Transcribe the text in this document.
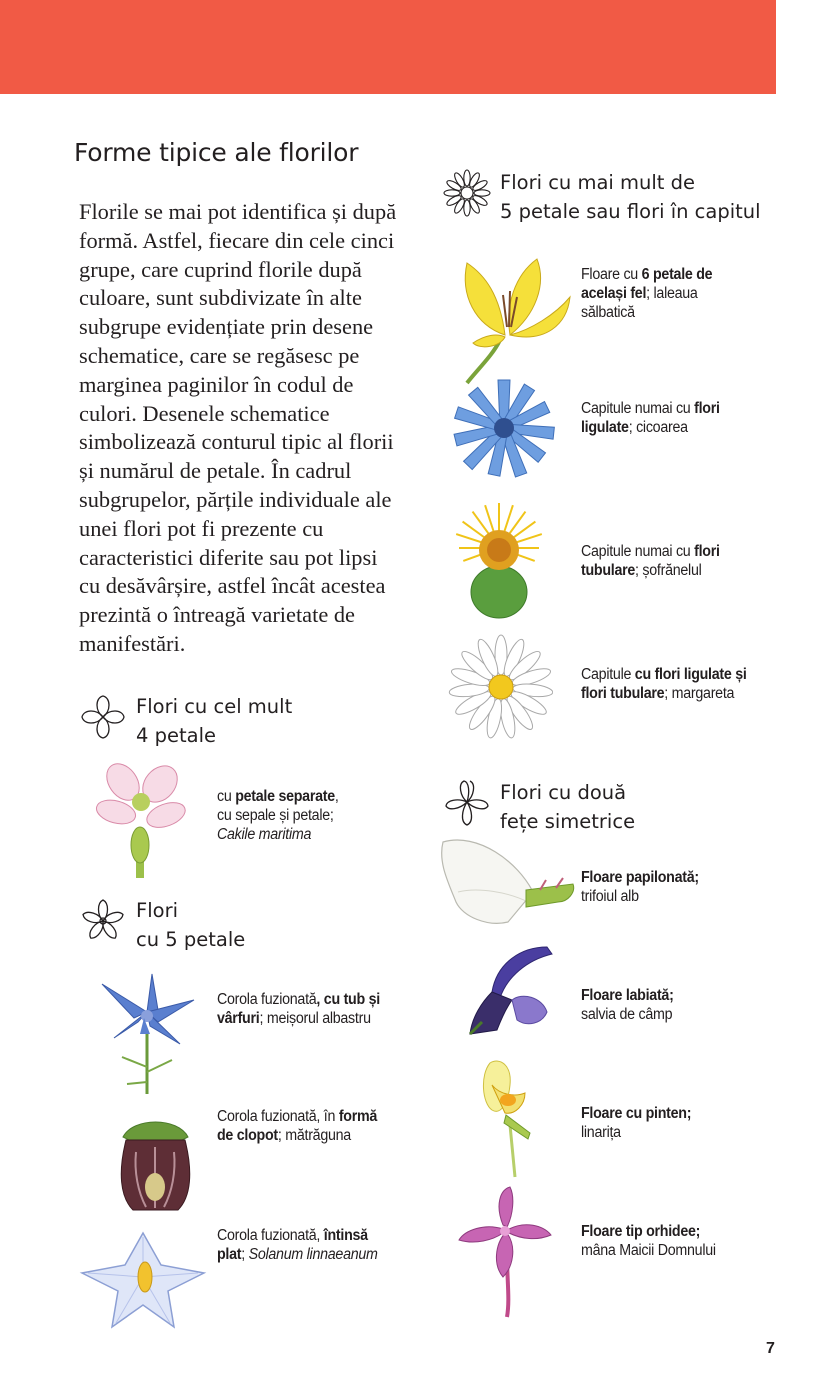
Forme tipice ale florilor

Florile se mai pot identifica și după
formă. Astfel, fiecare din cele cinci
grupe, care cuprind florile după
culoare, sunt subdivizate în alte
subgrupe evidențiate prin desene
schematice, care se regăsesc pe
marginea paginilor în codul de
culori. Desenele schematice
simbolizează conturul tipic al florii
și numărul de petale. În cadrul
subgrupelor, părțile individuale ale
unei flori pot fi prezente cu
caracteristici diferite sau pot lipsi
cu desăvârșire, astfel încât acestea
prezintă o întreagă varietate de
manifestări.

Flori cu cel mult
4 petale
cu petale separate,
cu sepale și petale;
Cakile maritima
Flori
cu 5 petale
Corola fuzionată, cu tub și
vârfuri; meișorul albastru
Corola fuzionată, în formă
de clopot; mătrăguna
Corola fuzionată, întinsă
plat; Solanum linnaeanum
Flori cu mai mult de
5 petale sau flori în capitul
Floare cu 6 petale de
același fel; laleaua
sălbatică
Capitule numai cu flori
ligulate; cicoarea
Capitule numai cu flori
tubulare; șofrănelul
Capitule cu flori ligulate și
flori tubulare; margareta
Flori cu două
fețe simetrice
Floare papilonată;
trifoiul alb
Floare labiată;
salvia de câmp
Floare cu pinten;
linarița
Floare tip orhidee;
mâna Maicii Domnului
7
